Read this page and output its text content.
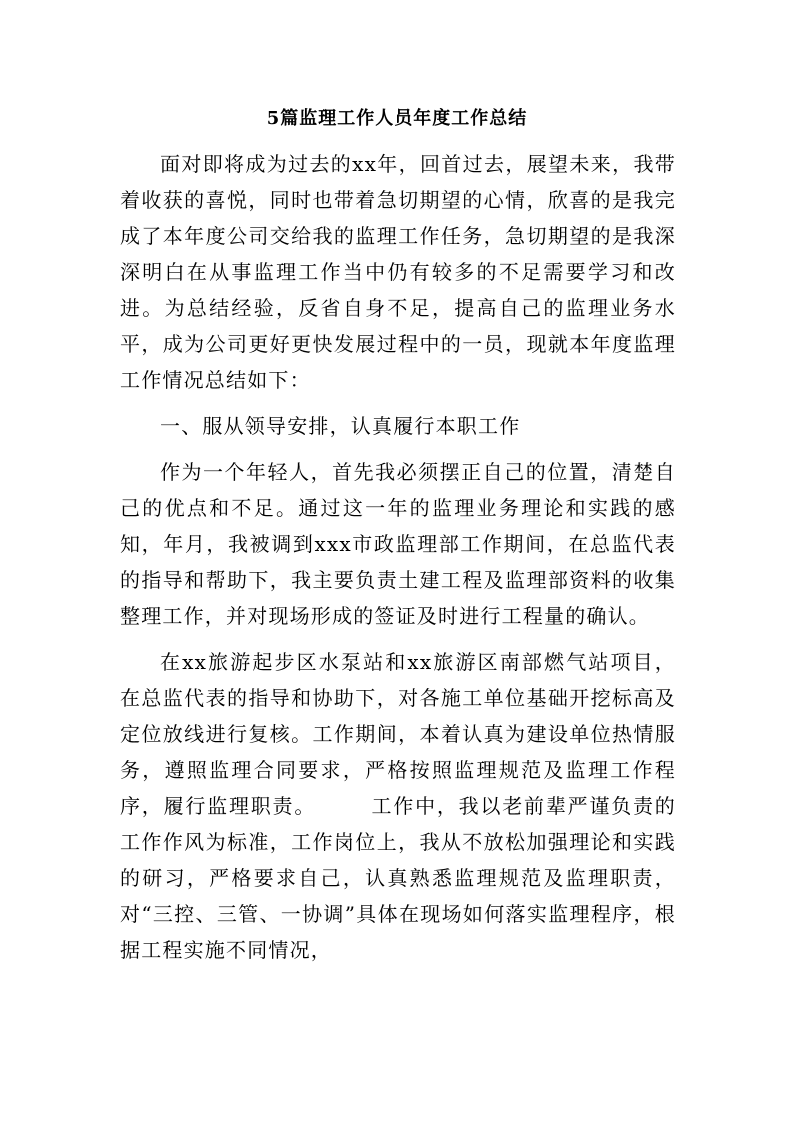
5篇监理工作人员年度工作总结

面对即将成为过去的xx年，回首过去，展望未来，我带着收获的喜悦，同时也带着急切期望的心情，欣喜的是我完成了本年度公司交给我的监理工作任务，急切期望的是我深深明白在从事监理工作当中仍有较多的不足需要学习和改进。为总结经验，反省自身不足，提高自己的监理业务水平，成为公司更好更快发展过程中的一员，现就本年度监理工作情况总结如下：

一、服从领导安排，认真履行本职工作

作为一个年轻人，首先我必须摆正自己的位置，清楚自己的优点和不足。通过这一年的监理业务理论和实践的感知，年月，我被调到xxx市政监理部工作期间，在总监代表的指导和帮助下，我主要负责土建工程及监理部资料的收集整理工作，并对现场形成的签证及时进行工程量的确认。

在xx旅游起步区水泵站和xx旅游区南部燃气站项目，在总监代表的指导和协助下，对各施工单位基础开挖标高及定位放线进行复核。工作期间，本着认真为建设单位热情服务，遵照监理合同要求，严格按照监理规范及监理工作程序，履行监理职责。　　　工作中，我以老前辈严谨负责的工作作风为标准，工作岗位上，我从不放松加强理论和实践的研习，严格要求自己，认真熟悉监理规范及监理职责，对“三控、三管、一协调”具体在现场如何落实监理程序，根据工程实施不同情况，
